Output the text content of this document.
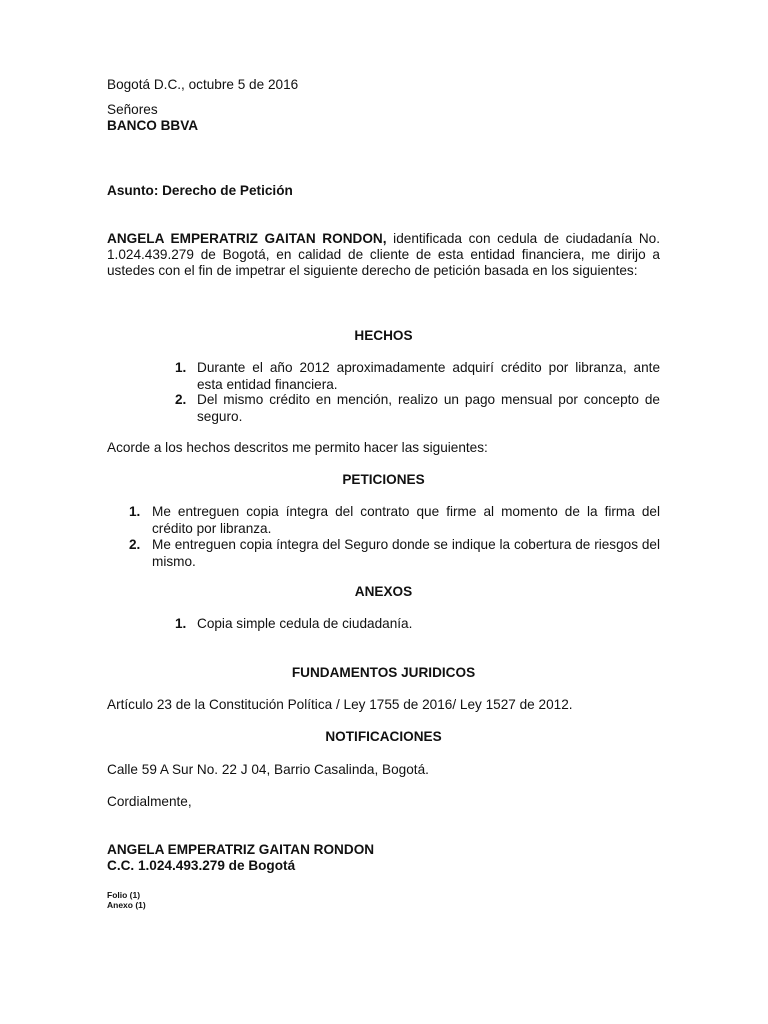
Bogotá D.C., octubre 5 de 2016
Señores
BANCO BBVA
Asunto: Derecho de Petición
ANGELA EMPERATRIZ GAITAN RONDON, identificada con cedula de ciudadanía No. 1.024.439.279 de Bogotá, en calidad de cliente de esta entidad financiera, me dirijo a ustedes con el fin de impetrar el siguiente derecho de petición basada en los siguientes:
HECHOS
1. Durante el año 2012 aproximadamente adquirí crédito por libranza, ante esta entidad financiera.
2. Del mismo crédito en mención, realizo un pago mensual por concepto de seguro.
Acorde a los hechos descritos me permito hacer las siguientes:
PETICIONES
1. Me entreguen copia íntegra del contrato que firme al momento de la firma del crédito por libranza.
2. Me entreguen copia íntegra del Seguro donde se indique la cobertura de riesgos del mismo.
ANEXOS
1. Copia simple cedula de ciudadanía.
FUNDAMENTOS JURIDICOS
Artículo 23 de la Constitución Política / Ley 1755 de 2016/ Ley 1527 de 2012.
NOTIFICACIONES
Calle 59 A Sur No. 22 J 04, Barrio Casalinda, Bogotá.
Cordialmente,
ANGELA EMPERATRIZ GAITAN RONDON
C.C. 1.024.493.279 de Bogotá
Folio (1)
Anexo (1)
